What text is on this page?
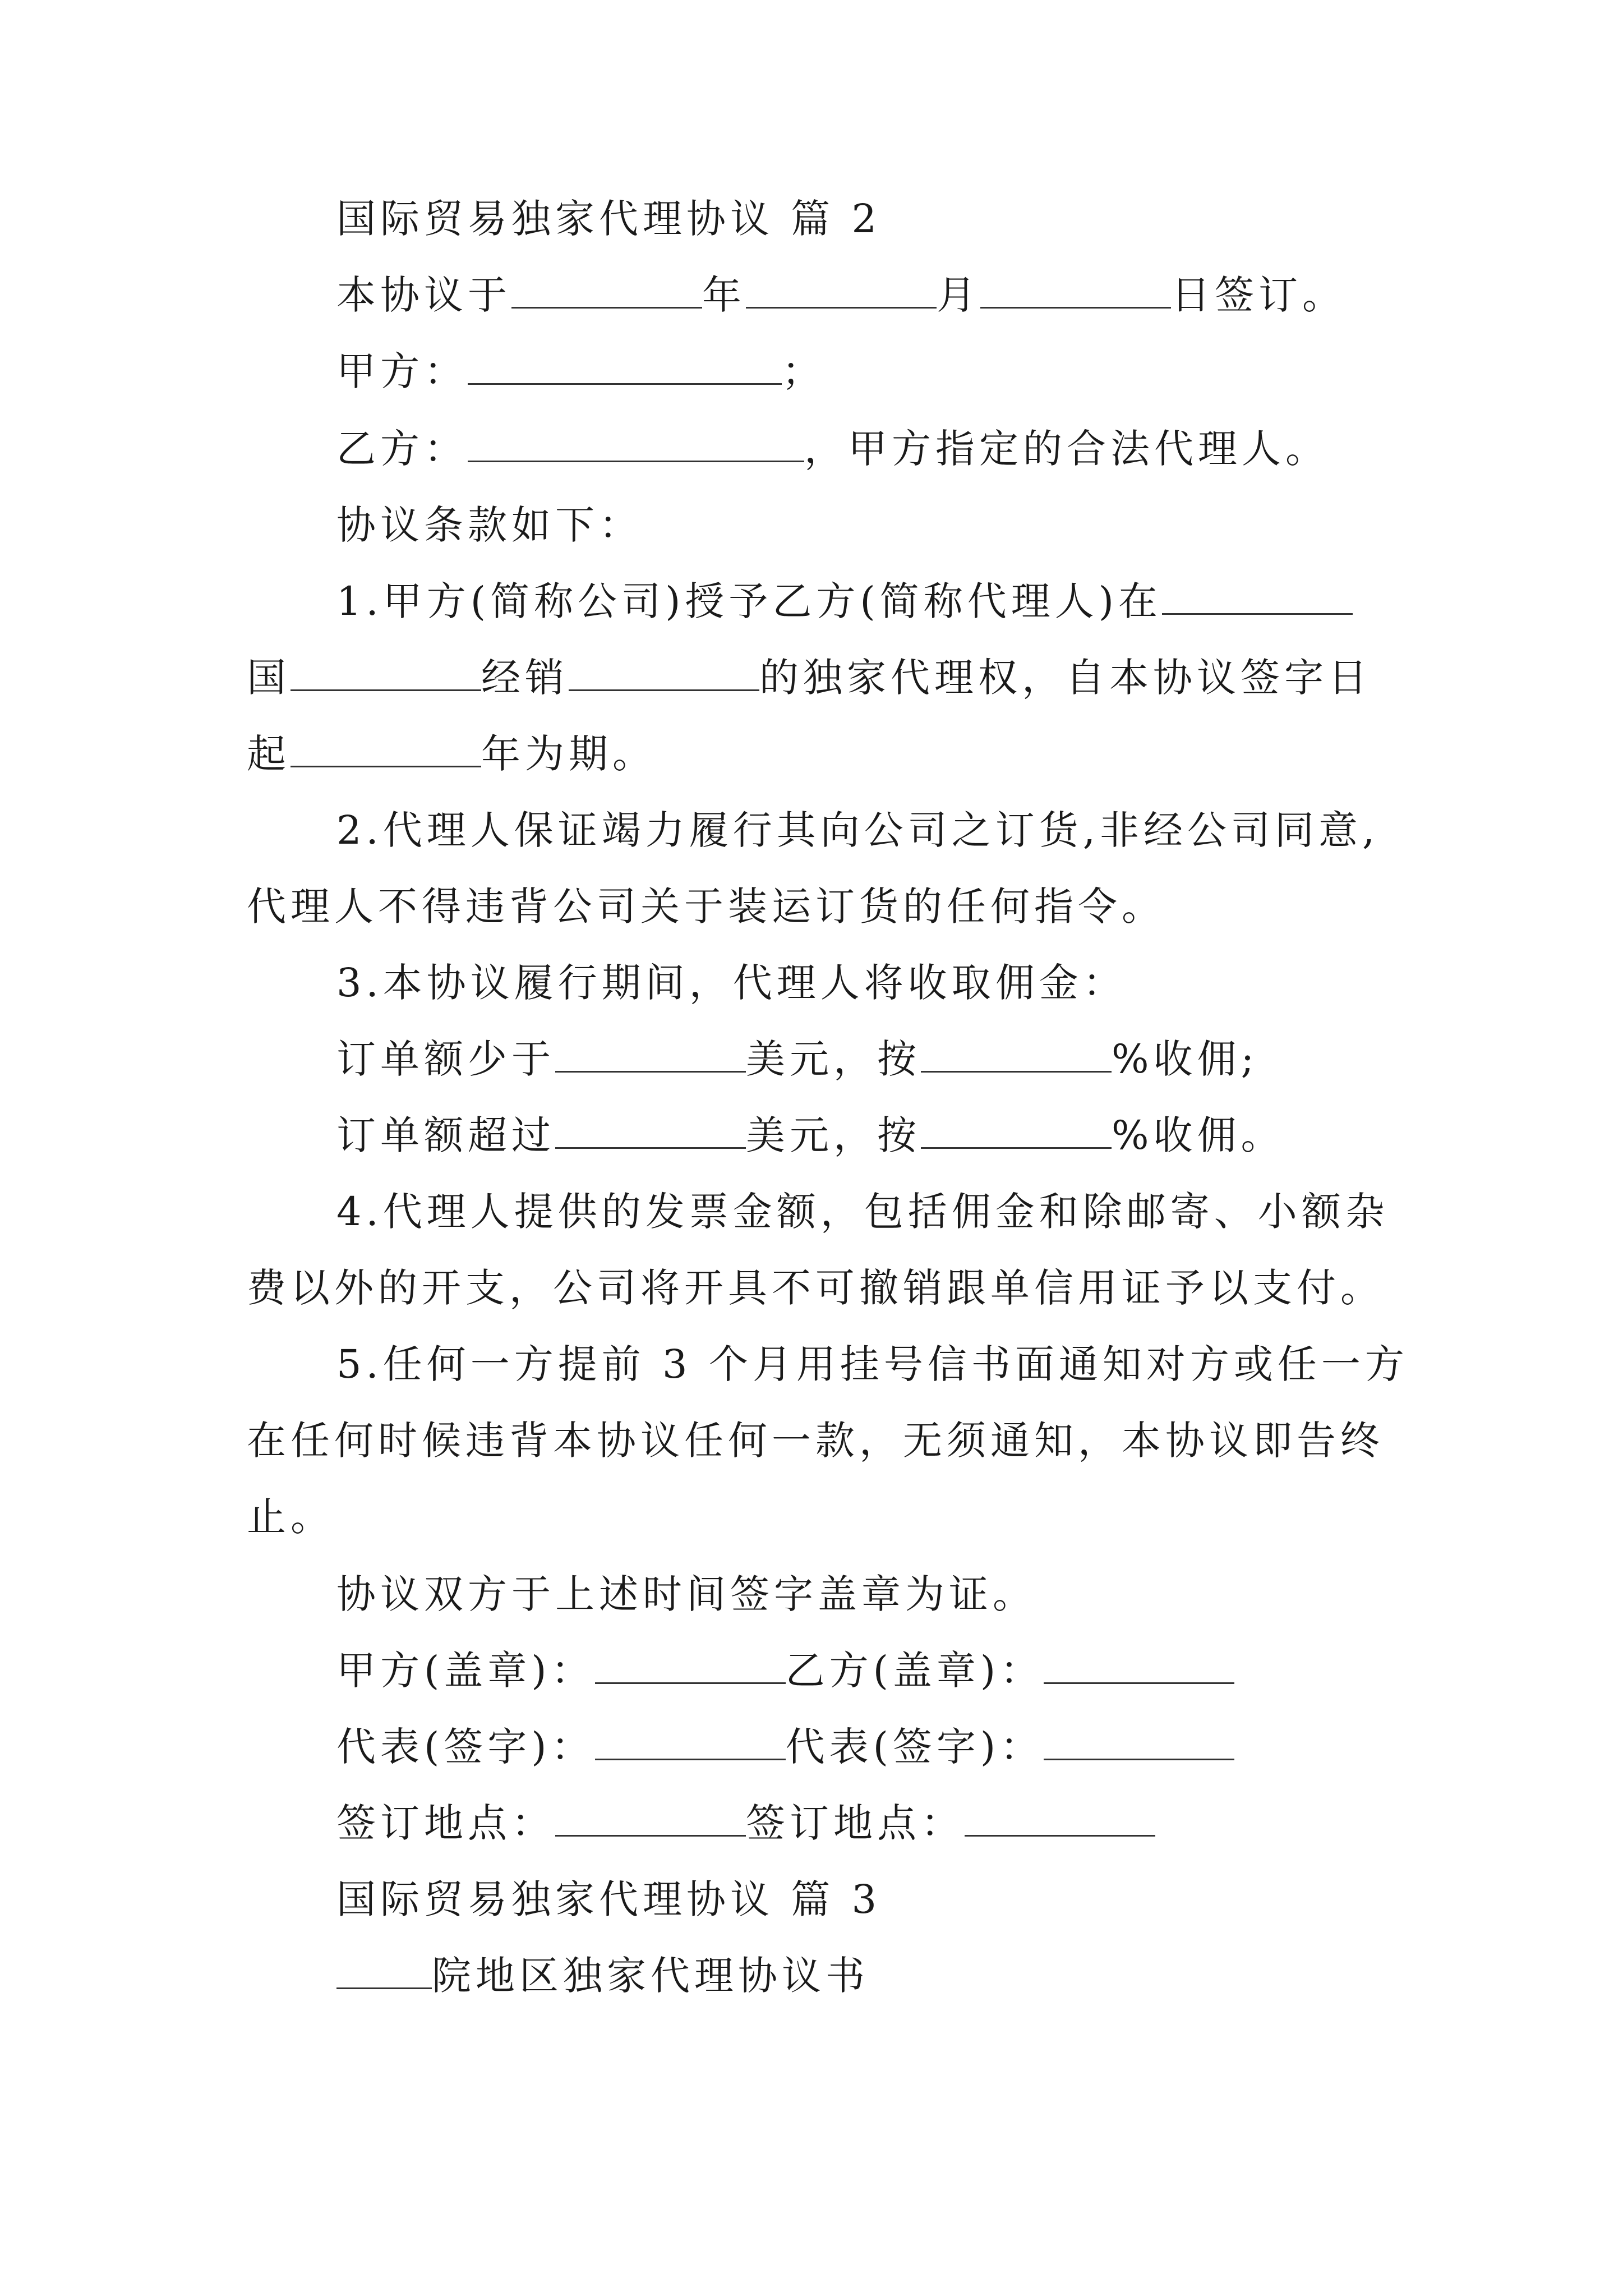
国际贸易独家代理协议 篇 2
本协议于	年	月	日签订。
甲方：	；
乙方：	，甲方指定的合法代理人。
协议条款如下：
1.甲方(简称公司)授予乙方(简称代理人)在
国	经销	的独家代理权，自本协议签字日
起	年为期。
2.代理人保证竭力履行其向公司之订货,非经公司同意,
代理人不得违背公司关于装运订货的任何指令。
3.本协议履行期间，代理人将收取佣金：
订单额少于	美元，按	%收佣;
订单额超过	美元，按	%收佣。
4.代理人提供的发票金额，包括佣金和除邮寄、小额杂
费以外的开支，公司将开具不可撤销跟单信用证予以支付。
5.任何一方提前 3 个月用挂号信书面通知对方或任一方
在任何时候违背本协议任何一款，无须通知，本协议即告终
止。
协议双方于上述时间签字盖章为证。
甲方(盖章)：	乙方(盖章)：
代表(签字)：	代表(签字)：
签订地点：	签订地点：
国际贸易独家代理协议 篇 3
院地区独家代理协议书
